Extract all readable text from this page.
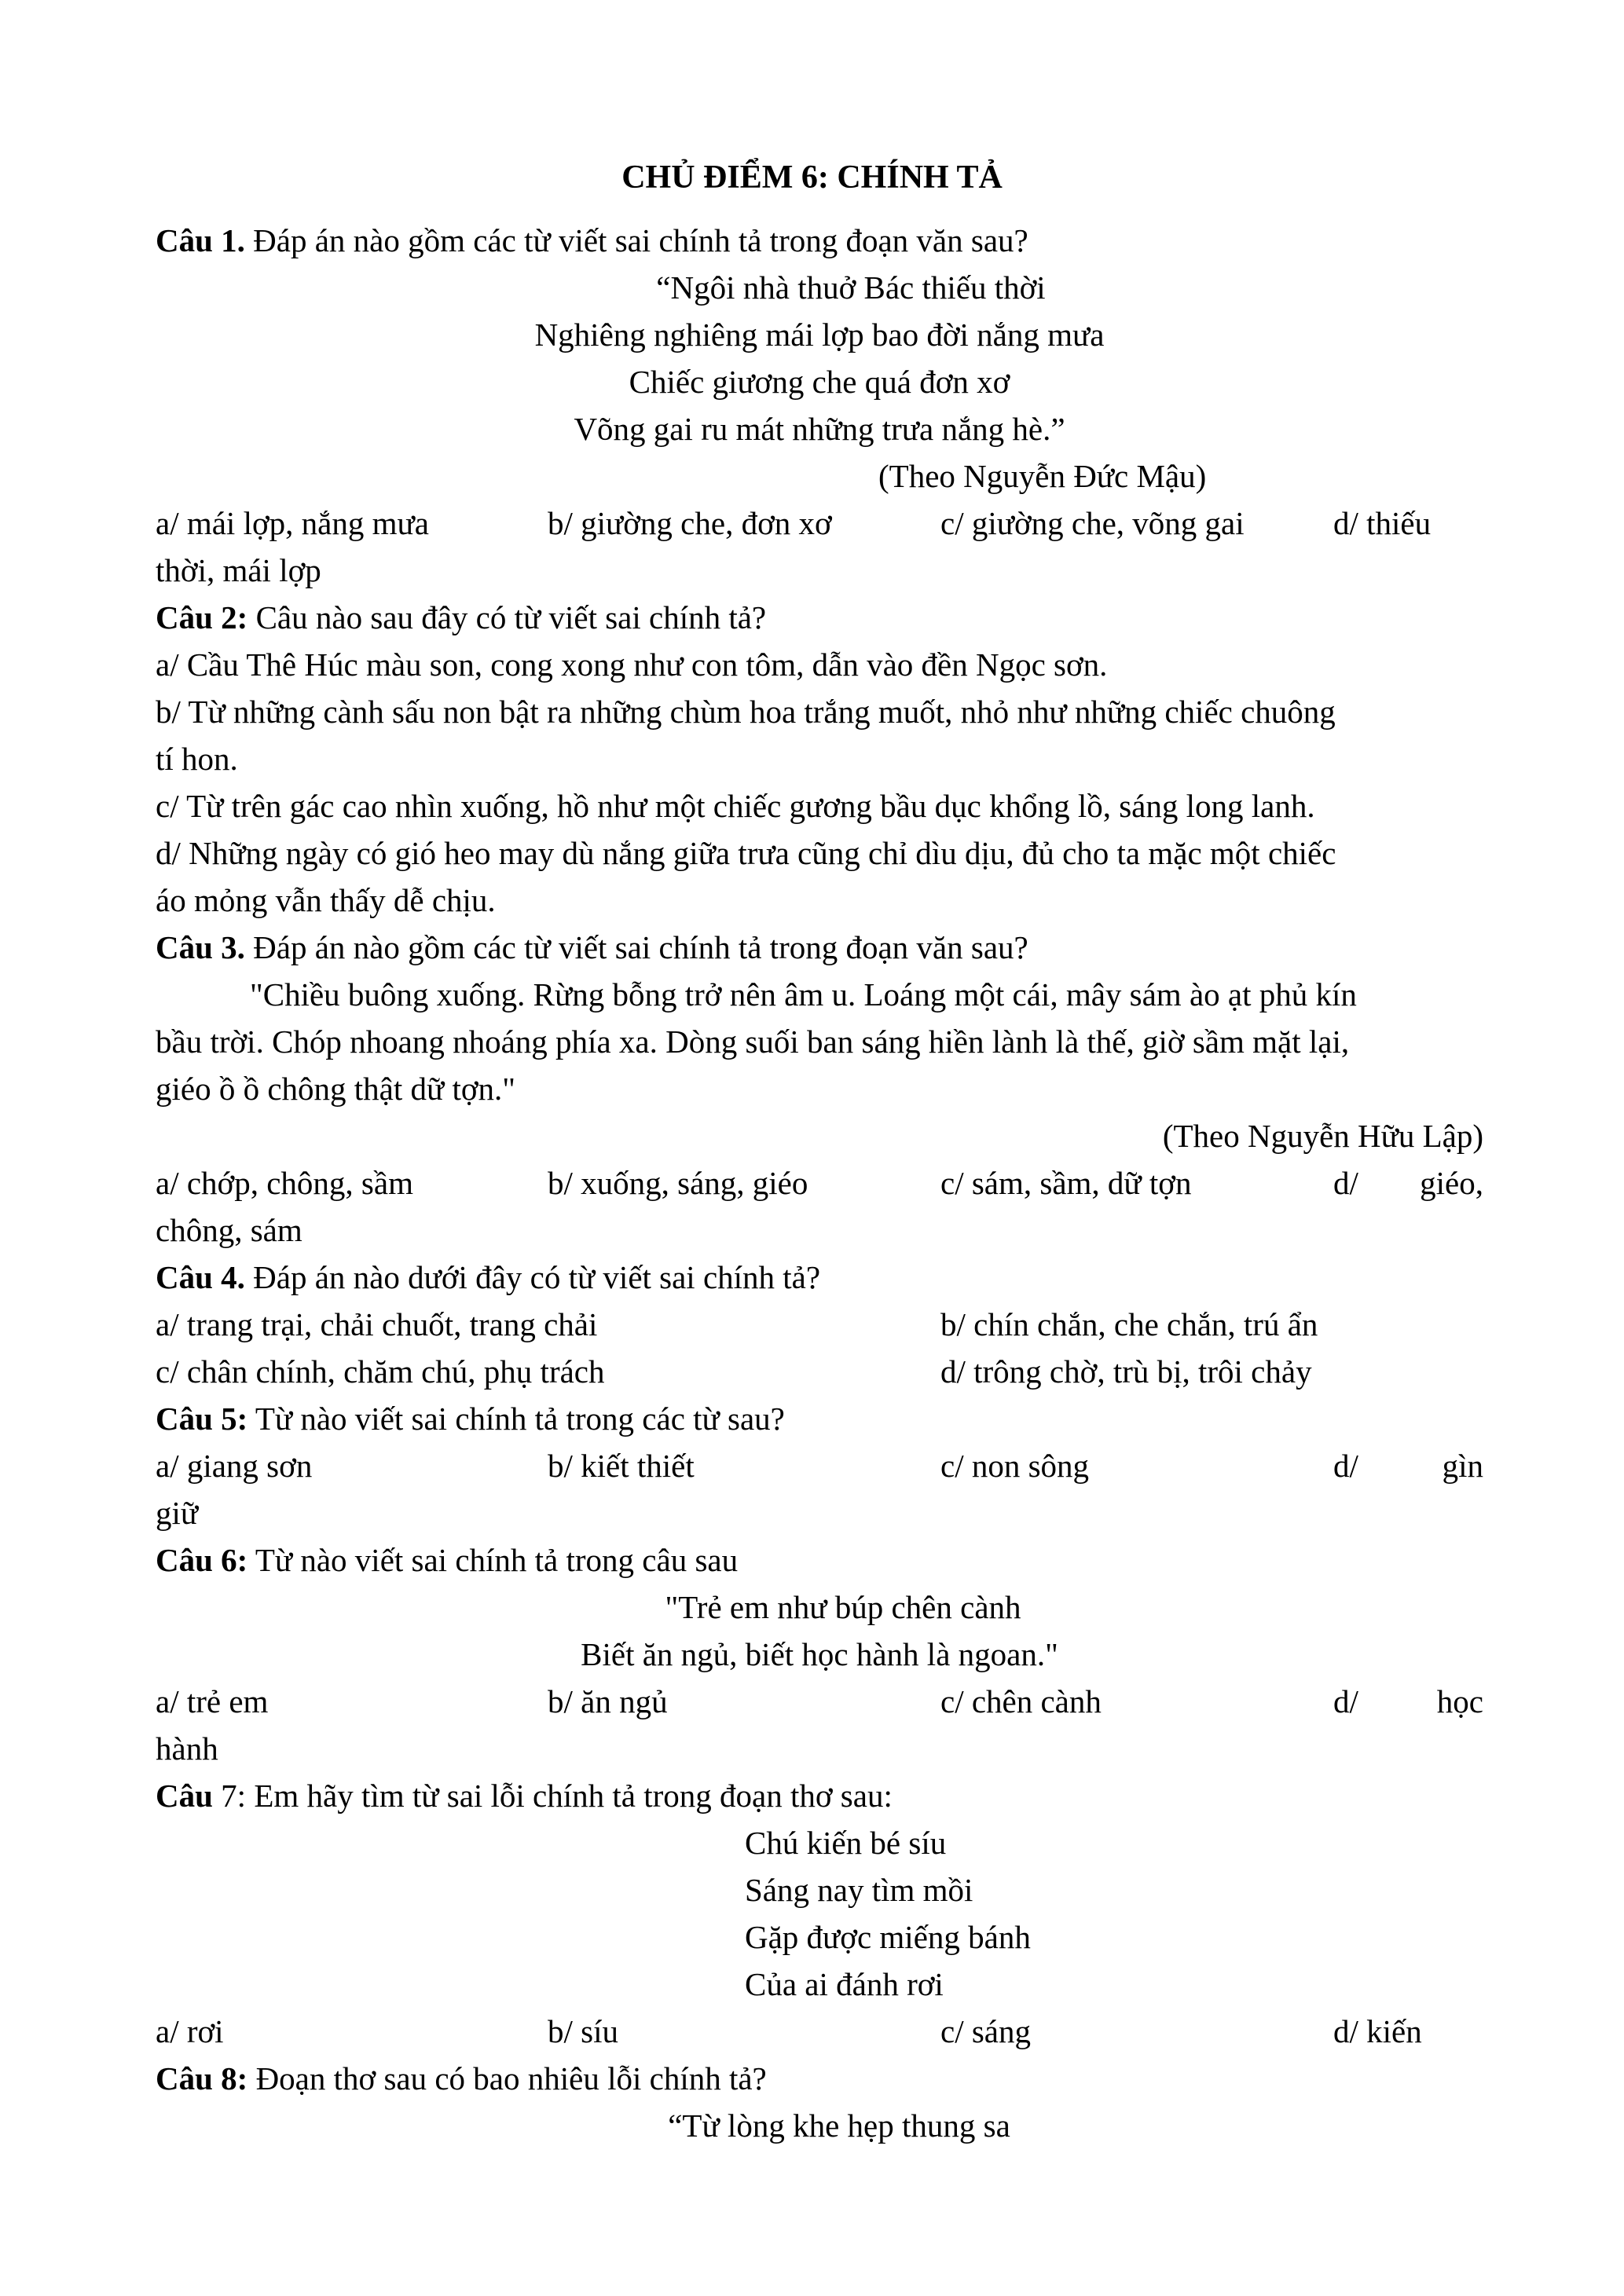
CHỦ ĐIỂM 6: CHÍNH TẢ
Câu 1. Đáp án nào gồm các từ viết sai chính tả trong đoạn văn sau?
“Ngôi nhà thuở Bác thiếu thời
Nghiêng nghiêng mái lợp bao đời nắng mưa
Chiếc giương che quá đơn xơ
Võng gai ru mát những trưa nắng hè.”
(Theo Nguyễn Đức Mậu)
a/ mái lợp, nắng mưa	b/ giường che, đơn xơ	c/ giường che, võng gai	d/ thiếu
thời, mái lợp
Câu 2: Câu nào sau đây có từ viết sai chính tả?
a/ Cầu Thê Húc màu son, cong xong như con tôm, dẫn vào đền Ngọc sơn.
b/ Từ những cành sấu non bật ra những chùm hoa trắng muốt, nhỏ như những chiếc chuông
tí hon.
c/ Từ trên gác cao nhìn xuống, hồ như một chiếc gương bầu dục khổng lồ, sáng long lanh.
d/ Những ngày có gió heo may dù nắng giữa trưa cũng chỉ dìu dịu, đủ cho ta mặc một chiếc
áo mỏng vẫn thấy dễ chịu.
Câu 3. Đáp án nào gồm các từ viết sai chính tả trong đoạn văn sau?
"Chiều buông xuống. Rừng bỗng trở nên âm u. Loáng một cái, mây sám ào ạt phủ kín
bầu trời. Chóp nhoang nhoáng phía xa. Dòng suối ban sáng hiền lành là thế, giờ sầm mặt lại,
giéo ồ ồ chông thật dữ tợn."
(Theo Nguyễn Hữu Lập)
a/ chớp, chông, sầm	b/ xuống, sáng, giéo	c/ sám, sầm, dữ tợn	d/ giéo,
chông, sám
Câu 4. Đáp án nào dưới đây có từ viết sai chính tả?
a/ trang trại, chải chuốt, trang chải	b/ chín chắn, che chắn, trú ẩn
c/ chân chính, chăm chú, phụ trách	d/ trông chờ, trù bị, trôi chảy
Câu 5: Từ nào viết sai chính tả trong các từ sau?
a/ giang sơn	b/ kiết thiết	c/ non sông	d/	gìn
giữ
Câu 6: Từ nào viết sai chính tả trong câu sau
"Trẻ em như búp chên cành
Biết ăn ngủ, biết học hành là ngoan."
a/ trẻ em	b/ ăn ngủ	c/ chên cành	d/ học
hành
Câu 7: Em hãy tìm từ sai lỗi chính tả trong đoạn thơ sau:
Chú kiến bé síu
Sáng nay tìm mồi
Gặp được miếng bánh
Của ai đánh rơi
a/ rơi	b/ síu	c/ sáng	d/ kiến
Câu 8: Đoạn thơ sau có bao nhiêu lỗi chính tả?
“Từ lòng khe hẹp thung sa
